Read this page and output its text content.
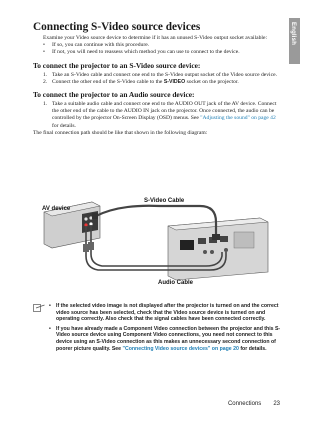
English
Connecting S-Video source devices

Examine your Video source device to determine if it has an unused S-Video output socket available:

• If so, you can continue with this procedure.
• If not, you will need to reassess which method you can use to connect to the device.
To connect the projector to an S-Video source device:
1. Take an S-Video cable and connect one end to the S-Video output socket of the Video source device.
2. Connect the other end of the S-Video cable to the S-VIDEO socket on the projector.
To connect the projector to an Audio source device:
1. Take a suitable audio cable and connect one end to the AUDIO OUT jack of the AV device. Connect the other end of the cable to the AUDIO IN jack on the projector. Once connected, the audio can be controlled by the projector On-Screen Display (OSD) menus. See "Adjusting the sound" on page 42 for details.

The final connection path should be like that shown in the following diagram:

AV device
S-Video Cable
Audio Cable
• If the selected video image is not displayed after the projector is turned on and the correct video source has been selected, check that the Video source device is turned on and operating correctly. Also check that the signal cables have been connected correctly.
• If you have already made a Component Video connection between the projector and this S-Video source device using Component Video connections, you need not connect to this device using an S-Video connection as this makes an unnecessary second connection of poorer picture quality. See "Connecting Video source devices" on page 20 for details.
Connections 23
